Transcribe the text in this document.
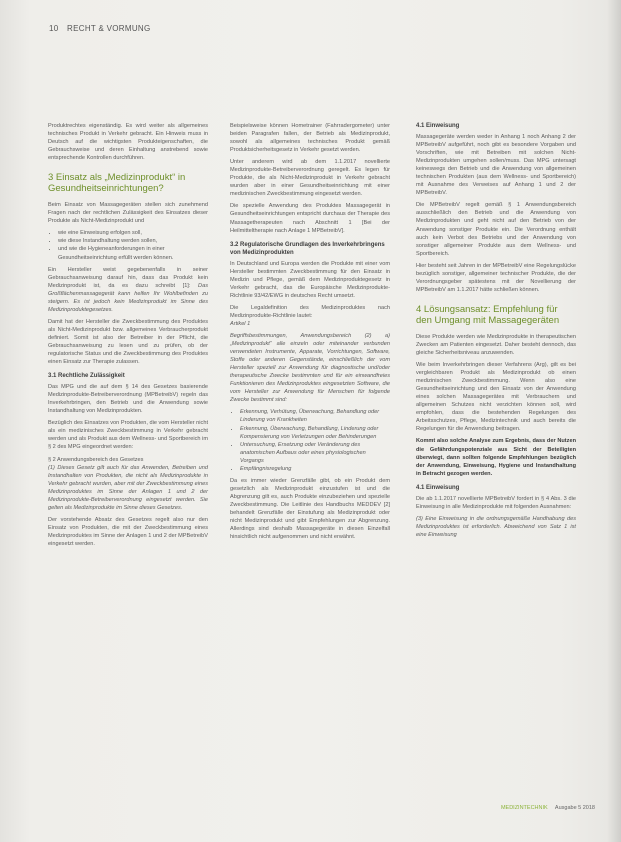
10 RECHT & VORMUNG

Produktrechtes eigenständig. Es wird weiter als allgemeines technisches Produkt in Verkehr gebracht. Ein Hinweis muss in Deutsch auf die wichtigsten Produkteigenschaften, die Gebrauchsweise und deren Einhaltung anstrebend sowie entsprechende Kontrollen durchführen.

3 Einsatz als „Medizinprodukt“ in Gesundheitseinrichtungen?

Beim Einsatz von Massagegeräten stellen sich zunehmend Fragen nach der rechtlichen Zulässigkeit des Einsatzes dieser Produkte als Nicht-Medizinprodukt und

• wie eine Einweisung erfolgen soll,
• wie diese Instandhaltung werden sollen,
• und wie die Hygieneanforderungen in einer Gesundheitseinrichtung erfüllt werden können.

Ein Hersteller weist gegebenenfalls in seiner Gebrauchsanweisung darauf hin, dass das Produkt kein Medizinprodukt ist, da es dazu schreibt [1]: Das Großflächenmassagegerät kann helfen Ihr Wohlbefinden zu steigern. Es ist jedoch kein Medizinprodukt im Sinne des Medizinproduktegesetzes.

Damit hat der Hersteller die Zweckbestimmung des Produktes als Nicht-Medizinprodukt bzw. allgemeines Verbraucherprodukt definiert. Somit ist also der Betreiber in der Pflicht, die Gebrauchsanweisung zu lesen und zu prüfen, ob der regulatorische Status und die Zweckbestimmung des Produktes einen Einsatz zur Therapie zulassen.

3.1 Rechtliche Zulässigkeit

Das MPG und die auf dem § 14 des Gesetzes basierende Medizinprodukte-Betreiberverordnung (MPBetreibV) regeln das Inverkehrbringen, den Betrieb und die Anwendung sowie Instandhaltung von Medizinprodukten.

Bezüglich des Einsatzes von Produkten, die vom Hersteller nicht als ein medizinisches Zweckbestimmung in Verkehr gebracht werden und als Produkt aus dem Wellness- und Sportbereich im § 2 des MPG eingeordnet werden:

§ 2 Anwendungsbereich des Gesetzes
(1) Dieses Gesetz gilt auch für das Anwenden, Betreiben und Instandhalten von Produkten, die nicht als Medizinprodukte in Verkehr gebracht wurden, aber mit der Zweckbestimmung eines Medizinproduktes im Sinne der Anlagen 1 und 2 der Medizinprodukte-Betreiberverordnung eingesetzt werden. Sie gelten als Medizinprodukte im Sinne dieses Gesetzes.

Der vorstehende Absatz des Gesetzes regelt also nur den Einsatz von Produkten, die mit der Zweckbestimmung eines Medizinproduktes im Sinne der Anlagen 1 und 2 der MPBetreibV eingesetzt werden.

Beispielsweise können Hometrainer (Fahrradergometer) unter beiden Paragrafen fallen, der Betrieb als Medizinprodukt, sowohl als allgemeines technisches Produkt gemäß Produktsicherheitsgesetz in Verkehr gesetzt werden.

Unter anderem wird ab dem 1.1.2017 novellierte Medizinprodukte-Betreiberverordnung geregelt. Es legen für Produkte, die als Nicht-Medizinprodukt in Verkehr gebracht wurden aber in einer Gesundheitseinrichtung mit einer medizinischen Zweckbestimmung eingesetzt werden.

Die spezielle Anwendung des Produktes Massagegerät in Gesundheitseinrichtungen entspricht durchaus der Therapie des Massagetherapeuten nach Abschnitt 1 [Bei der Heilmitteltherapie nach Anlage 1 MPBetreibV].

3.2 Regulatorische Grundlagen des Inverkehrbringens von Medizinprodukten

In Deutschland und Europa werden die Produkte mit einer vom Hersteller bestimmten Zweckbestimmung für den Einsatz in Medizin und Pflege, gemäß dem Medizinproduktegesetz in Verkehr gebracht, das die Europäische Medizinprodukte-Richtlinie 93/42/EWG in deutsches Recht umsetzt.

Die Legaldefinition des Medizinproduktes nach Medizinprodukte-Richtlinie lautet:
Artikel 1

Begriffsbestimmungen, Anwendungsbereich (2) a) „Medizinprodukt“ alle einzeln oder miteinander verbunden verwendeten Instrumente, Apparate, Vorrichtungen, Software, Stoffe oder anderen Gegenstände, einschließlich der vom Hersteller speziell zur Anwendung für diagnostische und/oder therapeutische Zwecke bestimmten und für ein einwandfreies Funktionieren des Medizinproduktes eingesetzten Software, die vom Hersteller zur Anwendung für Menschen für folgende Zwecke bestimmt sind:

• Erkennung, Verhütung, Überwachung, Behandlung oder Linderung von Krankheiten
• Erkennung, Überwachung, Behandlung, Linderung oder Kompensierung von Verletzungen oder Behinderungen
• Untersuchung, Ersetzung oder Veränderung des anatomischen Aufbaus oder eines physiologischen Vorgangs
• Empfängnisregelung

Da es immer wieder Grenzfälle gibt, ob ein Produkt dem gesetzlich als Medizinprodukt einzustufen ist und die Abgrenzung gilt es, auch Produkte einzubeziehen und spezielle Zweckbestimmung. Die Leitlinie des Handbuchs MEDDEV [2] behandelt Grenzfälle der Einstufung als Medizinprodukt oder nicht Medizinprodukt und gibt Empfehlungen zur Abgrenzung. Allerdings sind deshalb Massagegeräte in diesen Einzelfall hinsichtlich nicht aufgenommen und nicht erwähnt.

4.1 Einweisung

Massagegeräte werden weder in Anhang 1 noch Anhang 2 der MPBetreibV aufgeführt, noch gibt es besondere Vorgaben und Vorschriften, wie mit Betreiben mit solchen Nicht-Medizinprodukten umgehen sollen/muss. Das MPG untersagt keineswegs den Betrieb und die Anwendung von allgemeinen technischen Produkten (aus dem Wellness- und Sportbereich) mit Ausnahme des Verweises auf Anhang 1 und 2 der MPBetreibV.

Die MPBetreibV regelt gemäß § 1 Anwendungsbereich ausschließlich den Betrieb und die Anwendung von Medizinprodukten und geht nicht auf den Betrieb von der Anwendung sonstiger Produkte ein. Die Verordnung enthält auch kein Verbot des Betriebs und der Anwendung von sonstiger allgemeiner Produkte aus dem Wellness- und Sportbereich.

Hier besteht seit Jahren in der MPBetreibV eine Regelungslücke bezüglich sonstiger, allgemeiner technischer Produkte, die der Verordnungsgeber spätestens mit der Novellierung der MPBetreibV am 1.1.2017 hätte schließen können.

4 Lösungsansatz: Empfehlung für den Umgang mit Massagegeräten

Diese Produkte werden wie Medizinprodukte in therapeutischen Zwecken am Patienten eingesetzt. Daher besteht dennoch, das gleiche Sicherheitsniveau anzuwenden.

Wie beim Inverkehrbringen dieser Verfahrens (Arg), gilt es bei vergleichbaren Produkt als Medizinprodukt ob einen medizinischen Zweckbestimmung. Wenn also eine Gesundheitseinrichtung und den Einsatz von der Anwendung eines solchen Massagegerätes mit Verbrauchern und allgemeinen Schutzes nicht verzichten können soll, wird empfohlen, dass die bestehenden Regelungen des Arbeitsschutzes, Pflege, Medizintechnik und auch bereits die Regelungen für die Anwendung beitragen.

Kommt also solche Analyse zum Ergebnis, dass der Nutzen die Gefährdungspotenziale aus Sicht der Beteiligten überwiegt, dann sollten folgende Empfehlungen bezüglich der Anwendung, Einweisung, Hygiene und Instandhaltung in Betracht gezogen werden.

4.1 Einweisung

Die ab 1.1.2017 novellierte MPBetreibV fordert in § 4 Abs. 3 die Einweisung in alle Medizinprodukte mit folgenden Ausnahmen:

(3) Eine Einweisung in die ordnungsgemäße Handhabung des Medizinproduktes ist erforderlich. Abweichend von Satz 1 ist eine Einweisung

MEDIZINTECHNIK Ausgabe 5 2018
